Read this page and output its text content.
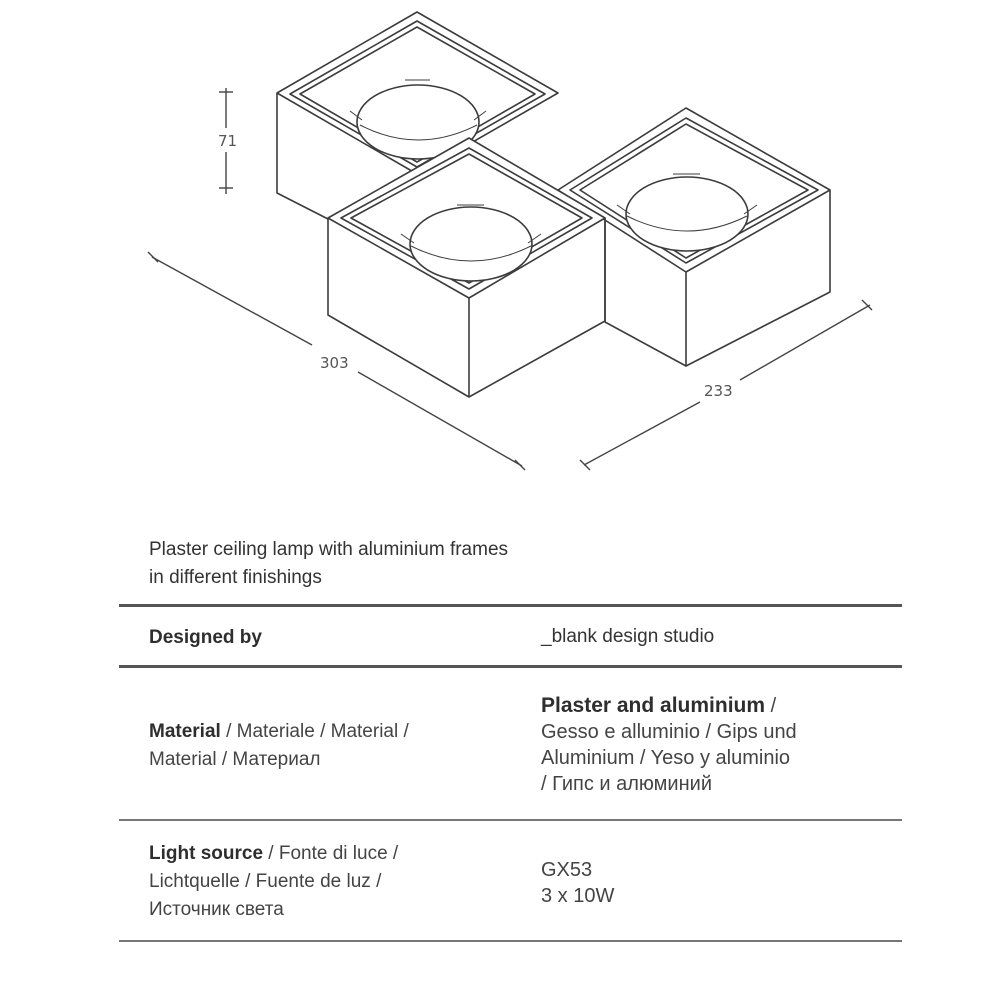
71
303
233
Plaster ceiling lamp with aluminium frames
in different finishings
Designed by	_blank design studio
Material / Materiale / Material /
Material / Материал
Plaster and aluminium /
Gesso e alluminio / Gips und
Aluminium / Yeso y aluminio
/ Гипс и алюминий
Light source / Fonte di luce /
Lichtquelle / Fuente de luz /
Источник света
GX53
3 x 10W
